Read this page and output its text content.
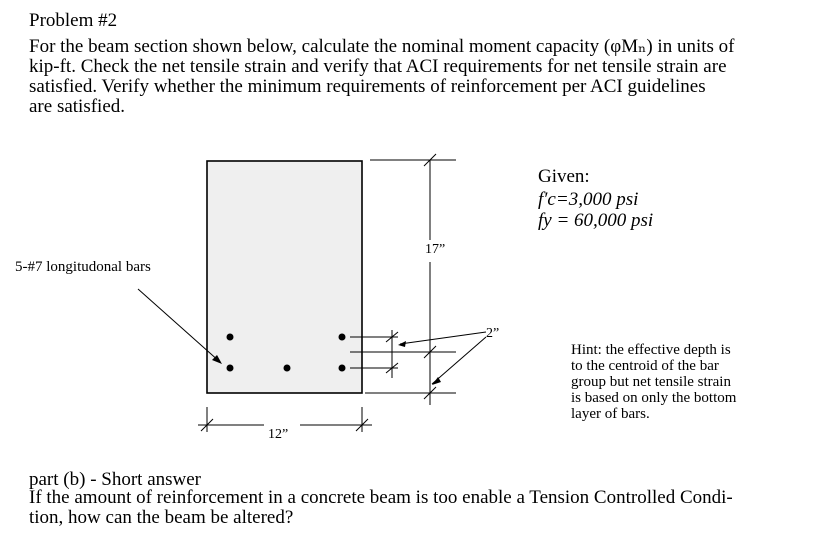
Problem #2
For the beam section shown below, calculate the nominal moment capacity (φMₙ) in units of
kip-ft. Check the net tensile strain and verify that ACI requirements for net tensile strain are
satisfied. Verify whether the minimum requirements of reinforcement per ACI guidelines
are satisfied.
Given:
f′c=3,000 psi
fy = 60,000 psi
Hint: the effective depth is
to the centroid of the bar
group but net tensile strain
is based on only the bottom
layer of bars.
5-#7 longitudonal bars
17”
2”
12”
part (b) - Short answer
If the amount of reinforcement in a concrete beam is too enable a Tension Controlled Condi-
tion, how can the beam be altered?
